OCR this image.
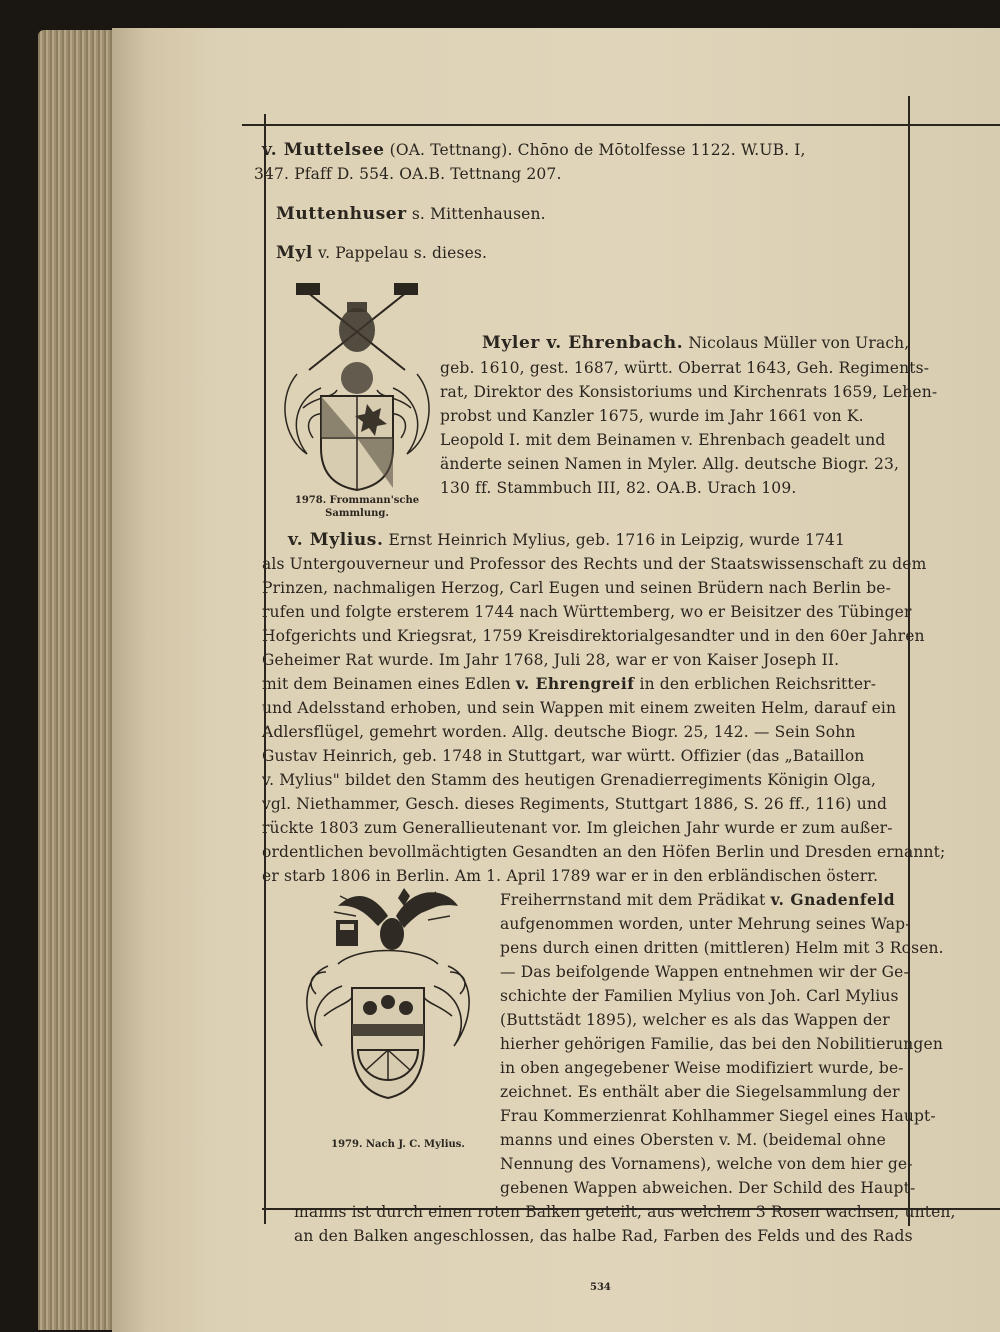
v. Muttelsee (OA. Tettnang). Chōno de Mōtolfesse 1122. W.UB. I,
347. Pfaff D. 554. OA.B. Tettnang 207.
Muttenhuser s. Mittenhausen.
Myl v. Pappelau s. dieses.
1978. Frommann'sche
Sammlung.
Myler v. Ehrenbach. Nicolaus Müller von Urach,
geb. 1610, gest. 1687, württ. Oberrat 1643, Geh. Regiments-
rat, Direktor des Konsistoriums und Kirchenrats 1659, Lehen-
probst und Kanzler 1675, wurde im Jahr 1661 von K.
Leopold I. mit dem Beinamen v. Ehrenbach geadelt und
änderte seinen Namen in Myler. Allg. deutsche Biogr. 23,
130 ff. Stammbuch III, 82. OA.B. Urach 109.
v. Mylius. Ernst Heinrich Mylius, geb. 1716 in Leipzig, wurde 1741
als Untergouverneur und Professor des Rechts und der Staatswissenschaft zu dem
Prinzen, nachmaligen Herzog, Carl Eugen und seinen Brüdern nach Berlin be-
rufen und folgte ersterem 1744 nach Württemberg, wo er Beisitzer des Tübinger
Hofgerichts und Kriegsrat, 1759 Kreisdirektorialgesandter und in den 60er Jahren
Geheimer Rat wurde. Im Jahr 1768, Juli 28, war er von Kaiser Joseph II.
mit dem Beinamen eines Edlen v. Ehrengreif in den erblichen Reichsritter-
und Adelsstand erhoben, und sein Wappen mit einem zweiten Helm, darauf ein
Adlersflügel, gemehrt worden. Allg. deutsche Biogr. 25, 142. — Sein Sohn
Gustav Heinrich, geb. 1748 in Stuttgart, war württ. Offizier (das „Bataillon
v. Mylius" bildet den Stamm des heutigen Grenadierregiments Königin Olga,
vgl. Niethammer, Gesch. dieses Regiments, Stuttgart 1886, S. 26 ff., 116) und
rückte 1803 zum Generallieutenant vor. Im gleichen Jahr wurde er zum außer-
ordentlichen bevollmächtigten Gesandten an den Höfen Berlin und Dresden ernannt;
er starb 1806 in Berlin. Am 1. April 1789 war er in den erbländischen österr.
Freiherrnstand mit dem Prädikat v. Gnadenfeld
aufgenommen worden, unter Mehrung seines Wap-
pens durch einen dritten (mittleren) Helm mit 3 Rosen.
— Das beifolgende Wappen entnehmen wir der Ge-
schichte der Familien Mylius von Joh. Carl Mylius
(Buttstädt 1895), welcher es als das Wappen der
hierher gehörigen Familie, das bei den Nobilitierungen
in oben angegebener Weise modifiziert wurde, be-
zeichnet. Es enthält aber die Siegelsammlung der
Frau Kommerzienrat Kohlhammer Siegel eines Haupt-
manns und eines Obersten v. M. (beidemal ohne
Nennung des Vornamens), welche von dem hier ge-
gebenen Wappen abweichen. Der Schild des Haupt-
1979. Nach J. C. Mylius.
manns ist durch einen roten Balken geteilt, aus welchem 3 Rosen wachsen, unten,
an den Balken angeschlossen, das halbe Rad, Farben des Felds und des Rads
534
